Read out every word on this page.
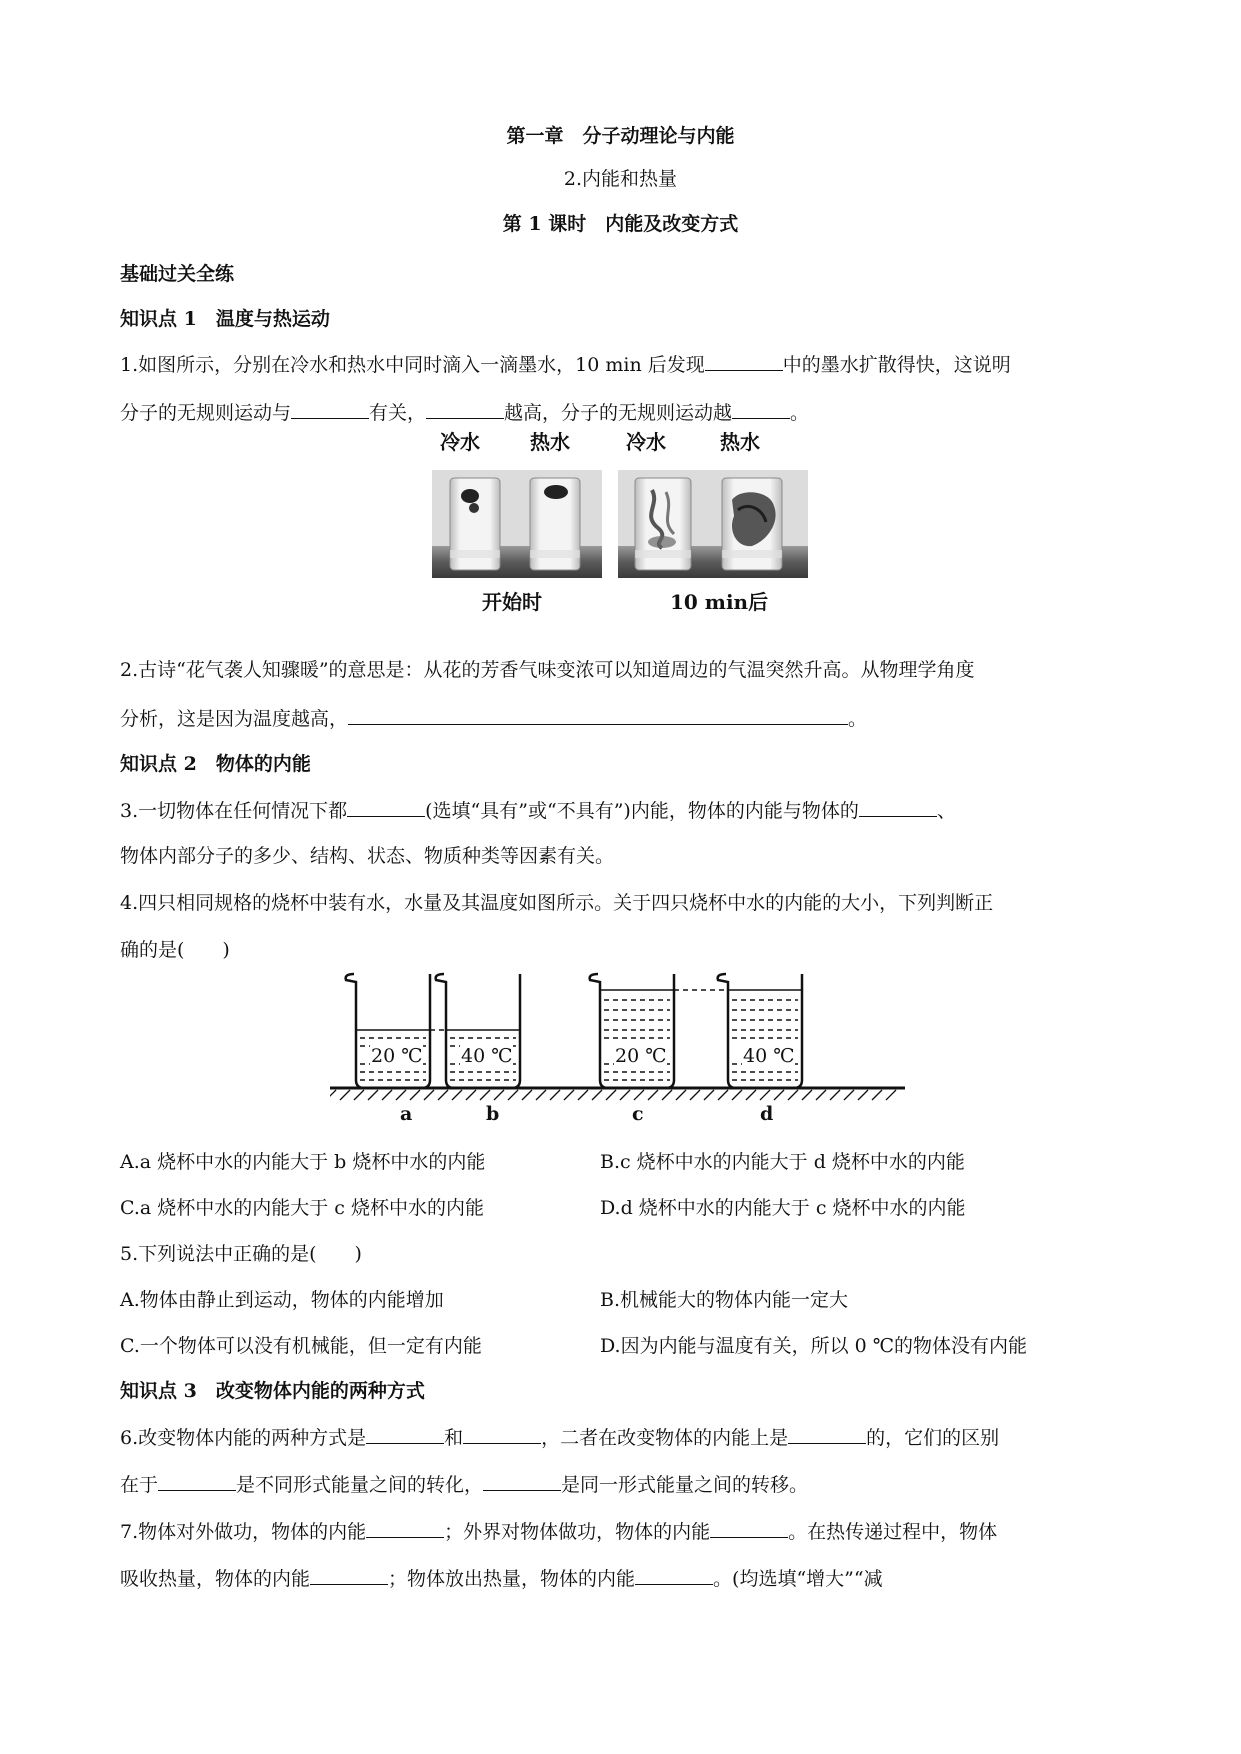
第一章　分子动理论与内能
2.内能和热量
第 1 课时　内能及改变方式
基础过关全练
知识点 1　温度与热运动
1.如图所示，分别在冷水和热水中同时滴入一滴墨水，10 min 后发现	中的墨水扩散得快，这说明
分子的无规则运动与	有关，	越高，分子的无规则运动越	。
冷水	热水	冷水	热水
开始时	10 min后
2.古诗“花气袭人知骤暖”的意思是：从花的芳香气味变浓可以知道周边的气温突然升高。从物理学角度
分析，这是因为温度越高，	。
知识点 2　物体的内能
3.一切物体在任何情况下都	(选填“具有”或“不具有”)内能，物体的内能与物体的	、
物体内部分子的多少、结构、状态、物质种类等因素有关。
4.四只相同规格的烧杯中装有水，水量及其温度如图所示。关于四只烧杯中水的内能的大小，下列判断正
确的是(　　)
20 ℃ 40 ℃	20 ℃	40 ℃
a	b	c	d
A.a 烧杯中水的内能大于 b 烧杯中水的内能	B.c 烧杯中水的内能大于 d 烧杯中水的内能
C.a 烧杯中水的内能大于 c 烧杯中水的内能	D.d 烧杯中水的内能大于 c 烧杯中水的内能
5.下列说法中正确的是(　　)
A.物体由静止到运动，物体的内能增加	B.机械能大的物体内能一定大
C.一个物体可以没有机械能，但一定有内能	D.因为内能与温度有关，所以 0 ℃的物体没有内能
知识点 3　改变物体内能的两种方式
6.改变物体内能的两种方式是	和	，二者在改变物体的内能上是	的，它们的区别
在于	是不同形式能量之间的转化，	是同一形式能量之间的转移。
7.物体对外做功，物体的内能	；外界对物体做功，物体的内能	。在热传递过程中，物体
吸收热量，物体的内能	；物体放出热量，物体的内能	。(均选填“增大”“减
